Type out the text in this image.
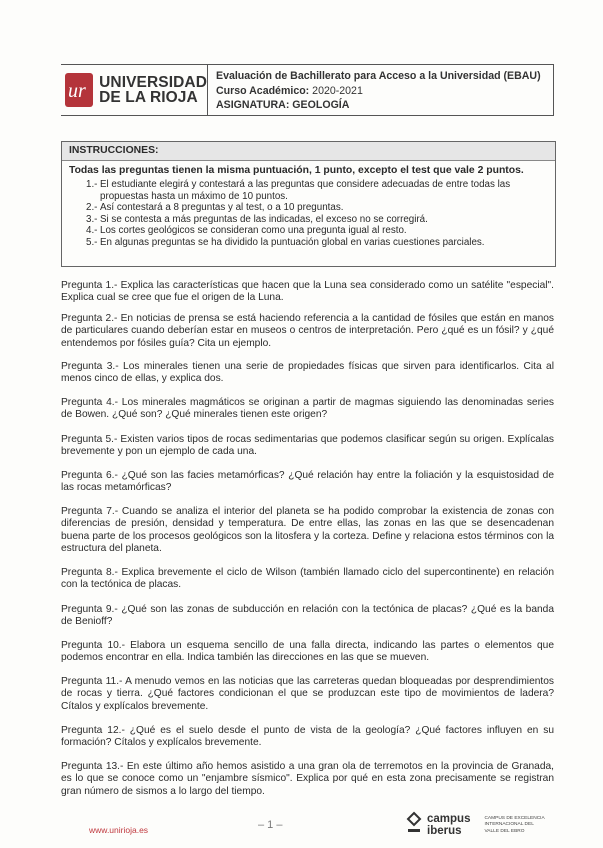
ur UNIVERSIDAD
DE LA RIOJA
Evaluación de Bachillerato para Acceso a la Universidad (EBAU)
Curso Académico: 2020-2021
ASIGNATURA: GEOLOGÍA
INSTRUCCIONES:
Todas las preguntas tienen la misma puntuación, 1 punto, excepto el test que vale 2 puntos.
1.- El estudiante elegirá y contestará a las preguntas que considere adecuadas de entre todas las propuestas hasta un máximo de 10 puntos.
2.- Así contestará a 8 preguntas y al test, o a 10 preguntas.
3.- Si se contesta a más preguntas de las indicadas, el exceso no se corregirá.
4.- Los cortes geológicos se consideran como una pregunta igual al resto.
5.- En algunas preguntas se ha dividido la puntuación global en varias cuestiones parciales.
Pregunta 1.- Explica las características que hacen que la Luna sea considerado como un satélite "especial". Explica cual se cree que fue el origen de la Luna.
Pregunta 2.- En noticias de prensa se está haciendo referencia a la cantidad de fósiles que están en manos de particulares cuando deberían estar en museos o centros de interpretación. Pero ¿qué es un fósil? y ¿qué entendemos por fósiles guía? Cita un ejemplo.
Pregunta 3.- Los minerales tienen una serie de propiedades físicas que sirven para identificarlos. Cita al menos cinco de ellas, y explica dos.
Pregunta 4.- Los minerales magmáticos se originan a partir de magmas siguiendo las denominadas series de Bowen. ¿Qué son? ¿Qué minerales tienen este origen?
Pregunta 5.- Existen varios tipos de rocas sedimentarias que podemos clasificar según su origen. Explícalas brevemente y pon un ejemplo de cada una.
Pregunta 6.- ¿Qué son las facies metamórficas? ¿Qué relación hay entre la foliación y la esquistosidad de las rocas metamórficas?
Pregunta 7.- Cuando se analiza el interior del planeta se ha podido comprobar la existencia de zonas con diferencias de presión, densidad y temperatura. De entre ellas, las zonas en las que se desencadenan buena parte de los procesos geológicos son la litosfera y la corteza. Define y relaciona estos términos con la estructura del planeta.
Pregunta 8.- Explica brevemente el ciclo de Wilson (también llamado ciclo del supercontinente) en relación con la tectónica de placas.
Pregunta 9.- ¿Qué son las zonas de subducción en relación con la tectónica de placas? ¿Qué es la banda de Benioff?
Pregunta 10.- Elabora un esquema sencillo de una falla directa, indicando las partes o elementos que podemos encontrar en ella. Indica también las direcciones en las que se mueven.
Pregunta 11.- A menudo vemos en las noticias que las carreteras quedan bloqueadas por desprendimientos de rocas y tierra. ¿Qué factores condicionan el que se produzcan este tipo de movimientos de ladera? Cítalos y explícalos brevemente.
Pregunta 12.- ¿Qué es el suelo desde el punto de vista de la geología? ¿Qué factores influyen en su formación? Cítalos y explícalos brevemente.
Pregunta 13.- En este último año hemos asistido a una gran ola de terremotos en la provincia de Granada, es lo que se conoce como un "enjambre sísmico". Explica por qué en esta zona precisamente se registran gran número de sismos a lo largo del tiempo.
www.unirioja.es	– 1 –	campus
iberus
CAMPUS DE EXCELENCIA INTERNACIONAL DEL VALLE DEL EBRO
